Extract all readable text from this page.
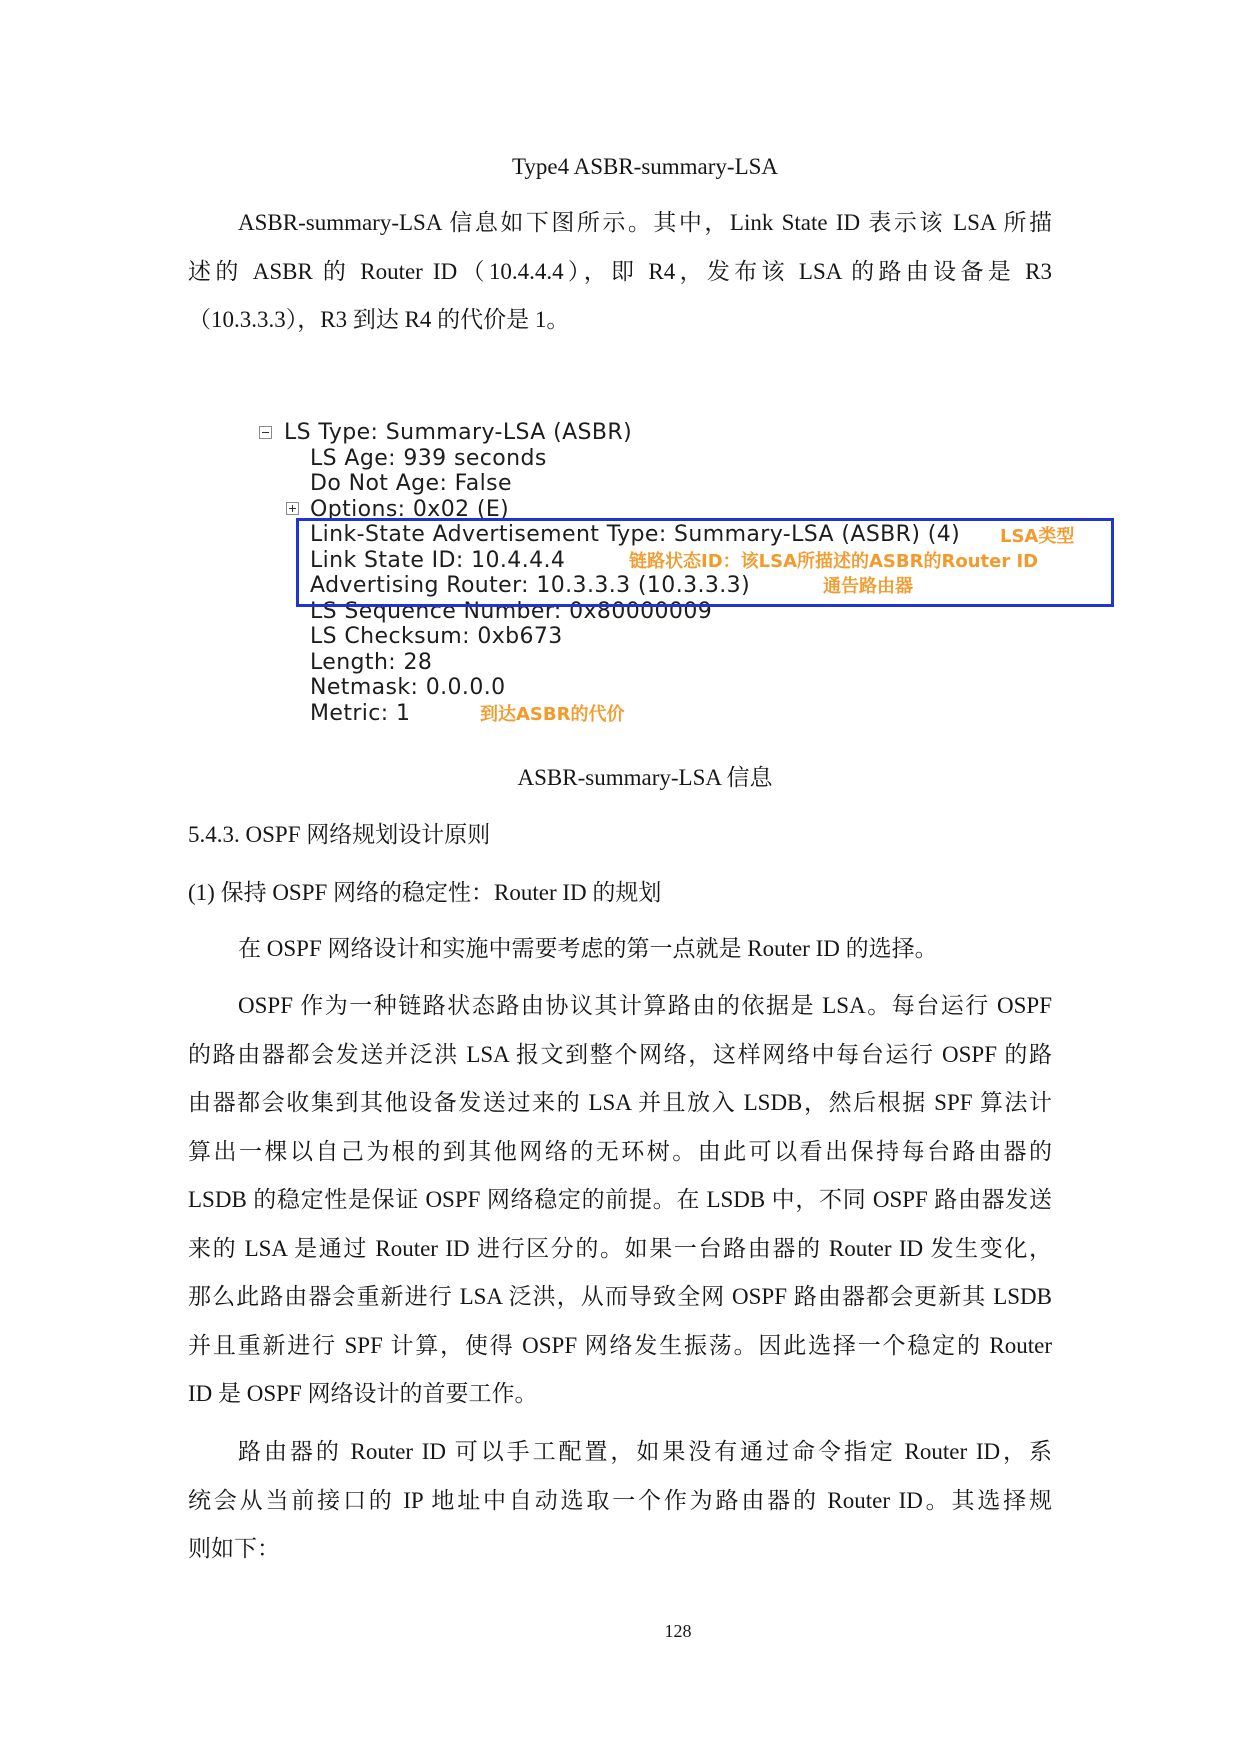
Type4 ASBR-summary-LSA
ASBR-summary-LSA 信息如下图所示。其中，Link State ID 表示该 LSA 所描
述的 ASBR 的 Router ID（10.4.4.4），即 R4，发布该 LSA 的路由设备是 R3
（10.3.3.3），R3 到达 R4 的代价是 1。
LS Type: Summary-LSA (ASBR)
LS Age: 939 seconds
Do Not Age: False
Options: 0x02 (E)
Link-State Advertisement Type: Summary-LSA (ASBR) (4)
Link State ID: 10.4.4.4
Advertising Router: 10.3.3.3 (10.3.3.3)
LS Sequence Number: 0x80000009
LS Checksum: 0xb673
Length: 28
Netmask: 0.0.0.0
Metric: 1
LSA类型
链路状态ID：该LSA所描述的ASBR的Router ID
通告路由器
到达ASBR的代价
ASBR-summary-LSA 信息
5.4.3. OSPF 网络规划设计原则
(1) 保持 OSPF 网络的稳定性：Router ID 的规划
在 OSPF 网络设计和实施中需要考虑的第一点就是 Router ID 的选择。
OSPF 作为一种链路状态路由协议其计算路由的依据是 LSA。每台运行 OSPF
的路由器都会发送并泛洪 LSA 报文到整个网络，这样网络中每台运行 OSPF 的路
由器都会收集到其他设备发送过来的 LSA 并且放入 LSDB，然后根据 SPF 算法计
算出一棵以自己为根的到其他网络的无环树。由此可以看出保持每台路由器的
LSDB 的稳定性是保证 OSPF 网络稳定的前提。在 LSDB 中，不同 OSPF 路由器发送
来的 LSA 是通过 Router ID 进行区分的。如果一台路由器的 Router ID 发生变化，
那么此路由器会重新进行 LSA 泛洪，从而导致全网 OSPF 路由器都会更新其 LSDB
并且重新进行 SPF 计算，使得 OSPF 网络发生振荡。因此选择一个稳定的 Router
ID 是 OSPF 网络设计的首要工作。
路由器的 Router ID 可以手工配置，如果没有通过命令指定 Router ID，系
统会从当前接口的 IP 地址中自动选取一个作为路由器的 Router ID。其选择规
则如下：
128
